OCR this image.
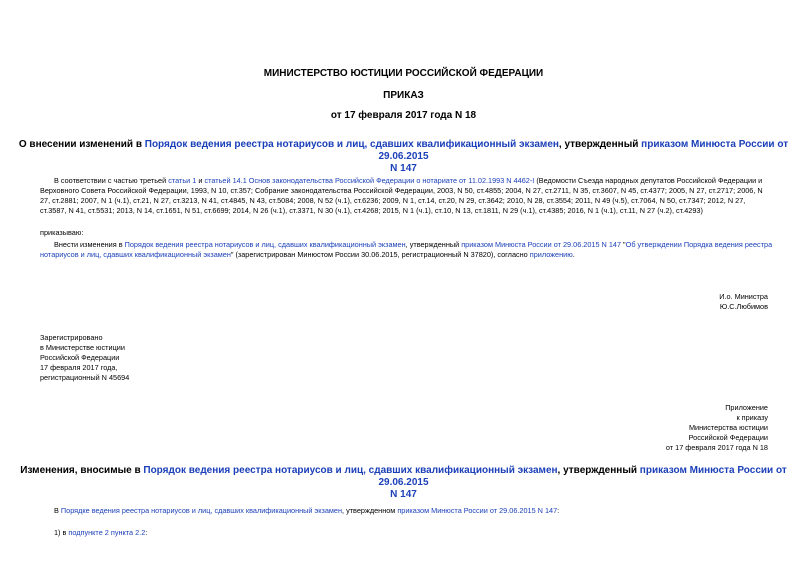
МИНИСТЕРСТВО ЮСТИЦИИ РОССИЙСКОЙ ФЕДЕРАЦИИ
ПРИКАЗ
от 17 февраля 2017 года N 18
О внесении изменений в Порядок ведения реестра нотариусов и лиц, сдавших квалификационный экзамен, утвержденный приказом Минюста России от 29.06.2015
N 147
В соответствии с частью третьей статьи 1 и статьей 14.1 Основ законодательства Российской Федерации о нотариате от 11.02.1993 N 4462-I (Ведомости Съезда народных депутатов Российской Федерации и
Верховного Совета Российской Федерации, 1993, N 10, ст.357; Собрание законодательства Российской Федерации, 2003, N 50, ст.4855; 2004, N 27, ст.2711, N 35, ст.3607, N 45, ст.4377; 2005, N 27, ст.2717; 2006, N
27, ст.2881; 2007, N 1 (ч.1), ст.21, N 27, ст.3213, N 41, ст.4845, N 43, ст.5084; 2008, N 52 (ч.1), ст.6236; 2009, N 1, ст.14, ст.20, N 29, ст.3642; 2010, N 28, ст.3554; 2011, N 49 (ч.5), ст.7064, N 50, ст.7347; 2012, N 27,
ст.3587, N 41, ст.5531; 2013, N 14, ст.1651, N 51, ст.6699; 2014, N 26 (ч.1), ст.3371, N 30 (ч.1), ст.4268; 2015, N 1 (ч.1), ст.10, N 13, ст.1811, N 29 (ч.1), ст.4385; 2016, N 1 (ч.1), ст.11, N 27 (ч.2), ст.4293)
приказываю:
Внести изменения в Порядок ведения реестра нотариусов и лиц, сдавших квалификационный экзамен, утвержденный приказом Минюста России от 29.06.2015 N 147 "Об утверждении Порядка ведения реестра
нотариусов и лиц, сдавших квалификационный экзамен" (зарегистрирован Минюстом России 30.06.2015, регистрационный N 37820), согласно приложению.
И.о. Министра
Ю.С.Любимов
Зарегистрировано
в Министерстве юстиции
Российской Федерации
17 февраля 2017 года,
регистрационный N 45694
Приложение
к приказу
Министерства юстиции
Российской Федерации
от 17 февраля 2017 года N 18
Изменения, вносимые в Порядок ведения реестра нотариусов и лиц, сдавших квалификационный экзамен, утвержденный приказом Минюста России от 29.06.2015
N 147
В Порядке ведения реестра нотариусов и лиц, сдавших квалификационный экзамен, утвержденном приказом Минюста России от 29.06.2015 N 147:
1) в подпункте 2 пункта 2.2:
